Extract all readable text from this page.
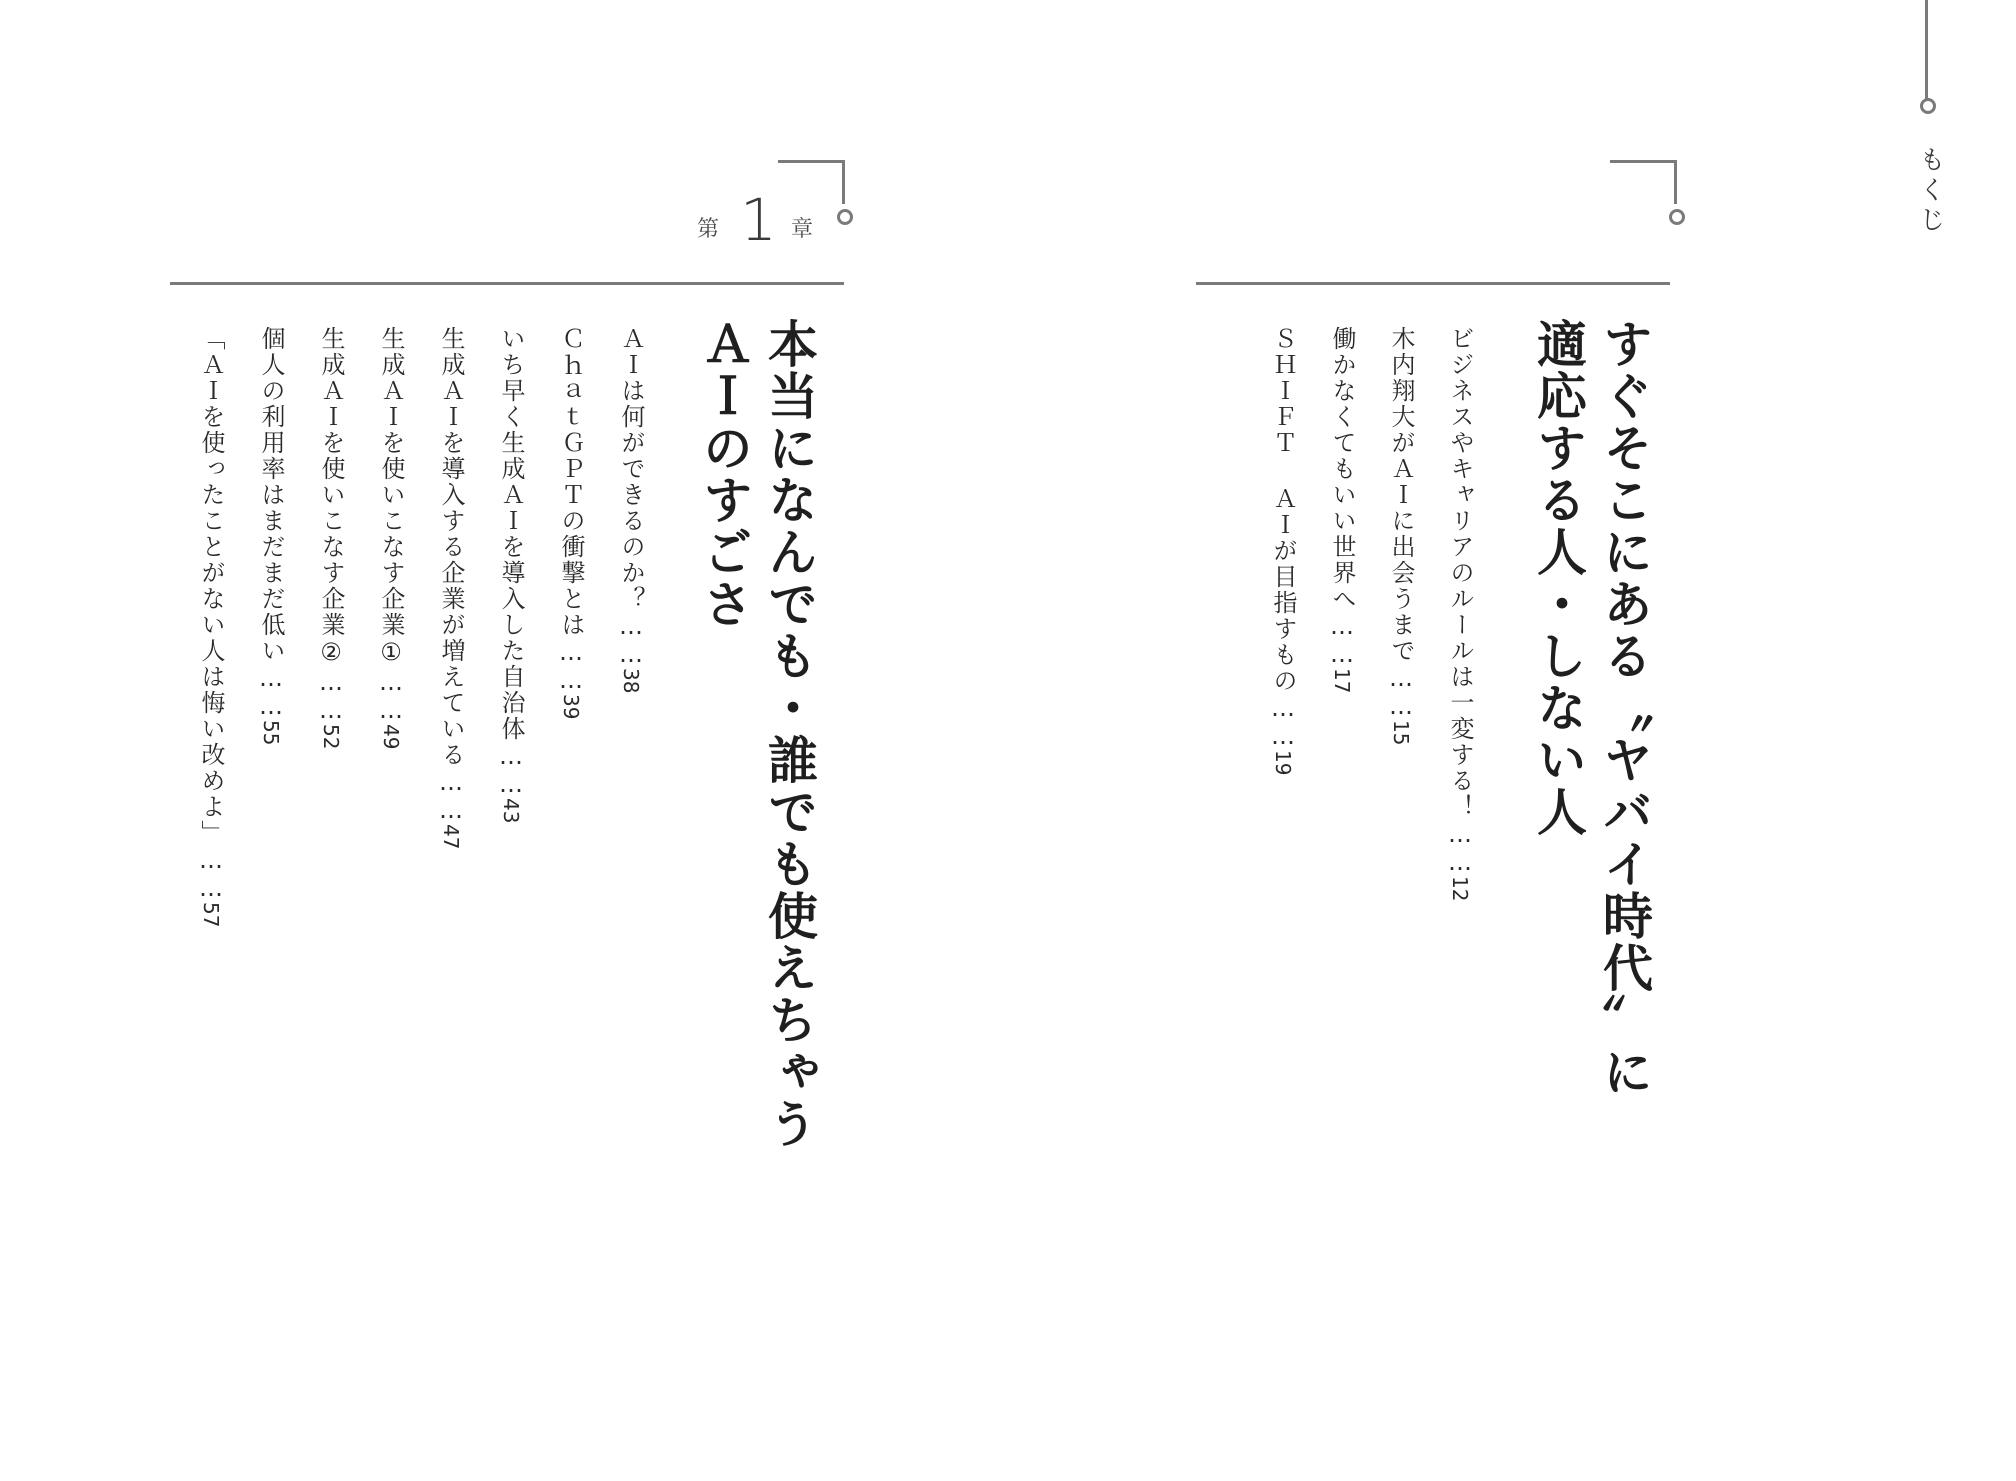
もくじ
すぐそこにある〝ヤバイ時代〟に
適応する人・しない人
ビジネスやキャリアのルールは一変する！……12
木内翔大がＡＩに出会うまで……15
働かなくてもいい世界へ……17
ＳＨＩＦＴ ＡＩが目指すもの……19
第 1 章
本当になんでも・誰でも使えちゃう
ＡＩのすごさ
ＡＩは何ができるのか？……38
ＣｈａｔＧＰＴの衝撃とは……39
いち早く生成ＡＩを導入した自治体……43
生成ＡＩを導入する企業が増えている……47
生成ＡＩを使いこなす企業①……49
生成ＡＩを使いこなす企業②……52
個人の利用率はまだまだ低い……55
「ＡＩを使ったことがない人は悔い改めよ」……57
